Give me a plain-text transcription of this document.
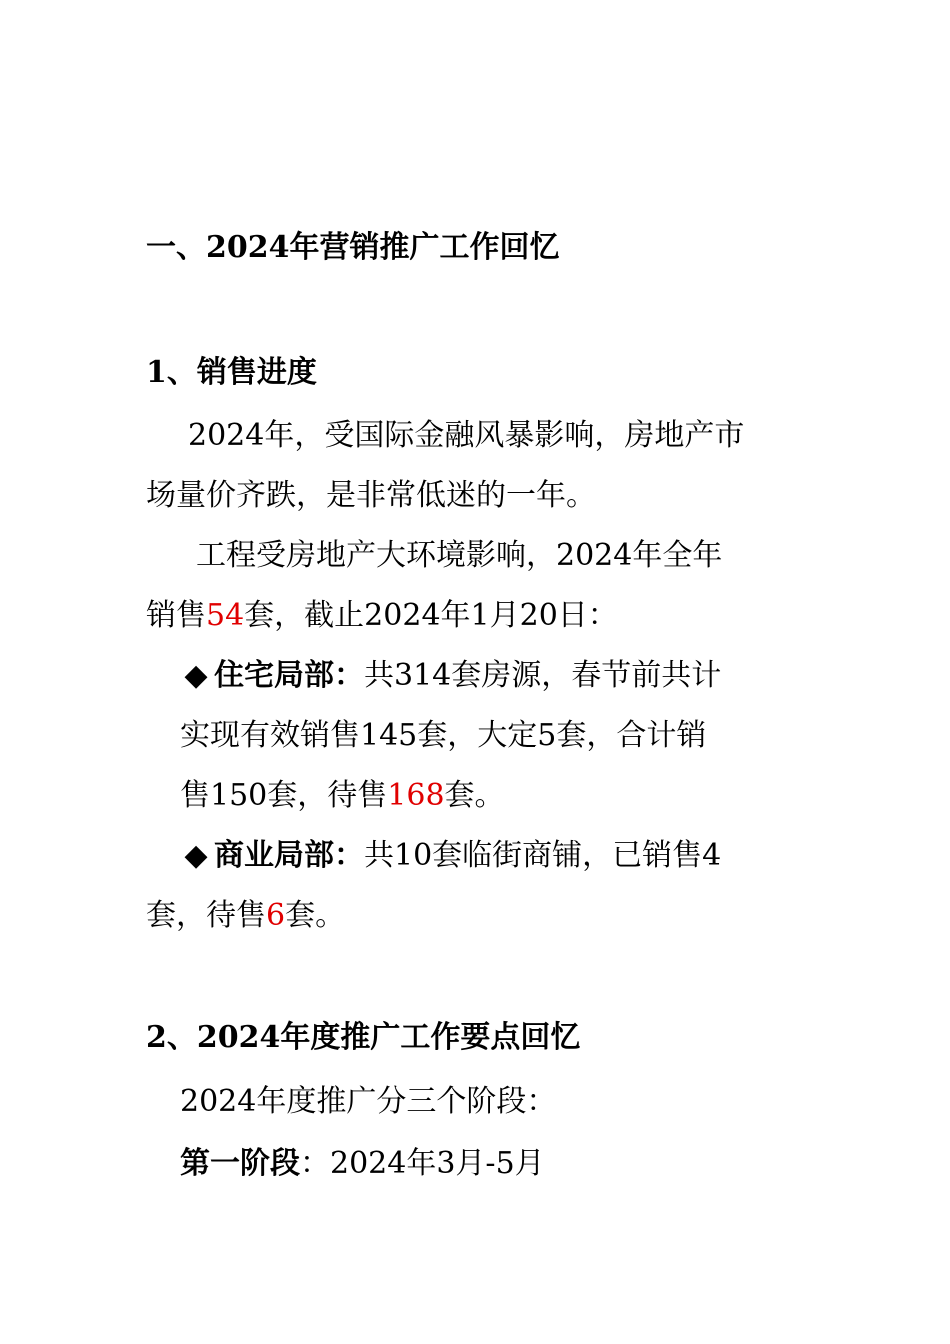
一、2024年营销推广工作回忆
1、销售进度
2024年，受国际金融风暴影响，房地产市
场量价齐跌，是非常低迷的一年。
工程受房地产大环境影响，2024年全年
销售54套，截止2024年1月20日：
◆ 住宅局部：共314套房源，春节前共计
实现有效销售145套，大定5套，合计销
售150套，待售168套。
◆ 商业局部：共10套临街商铺，已销售4
套，待售6套。
2、2024年度推广工作要点回忆
2024年度推广分三个阶段：
第一阶段：2024年3月-5月
